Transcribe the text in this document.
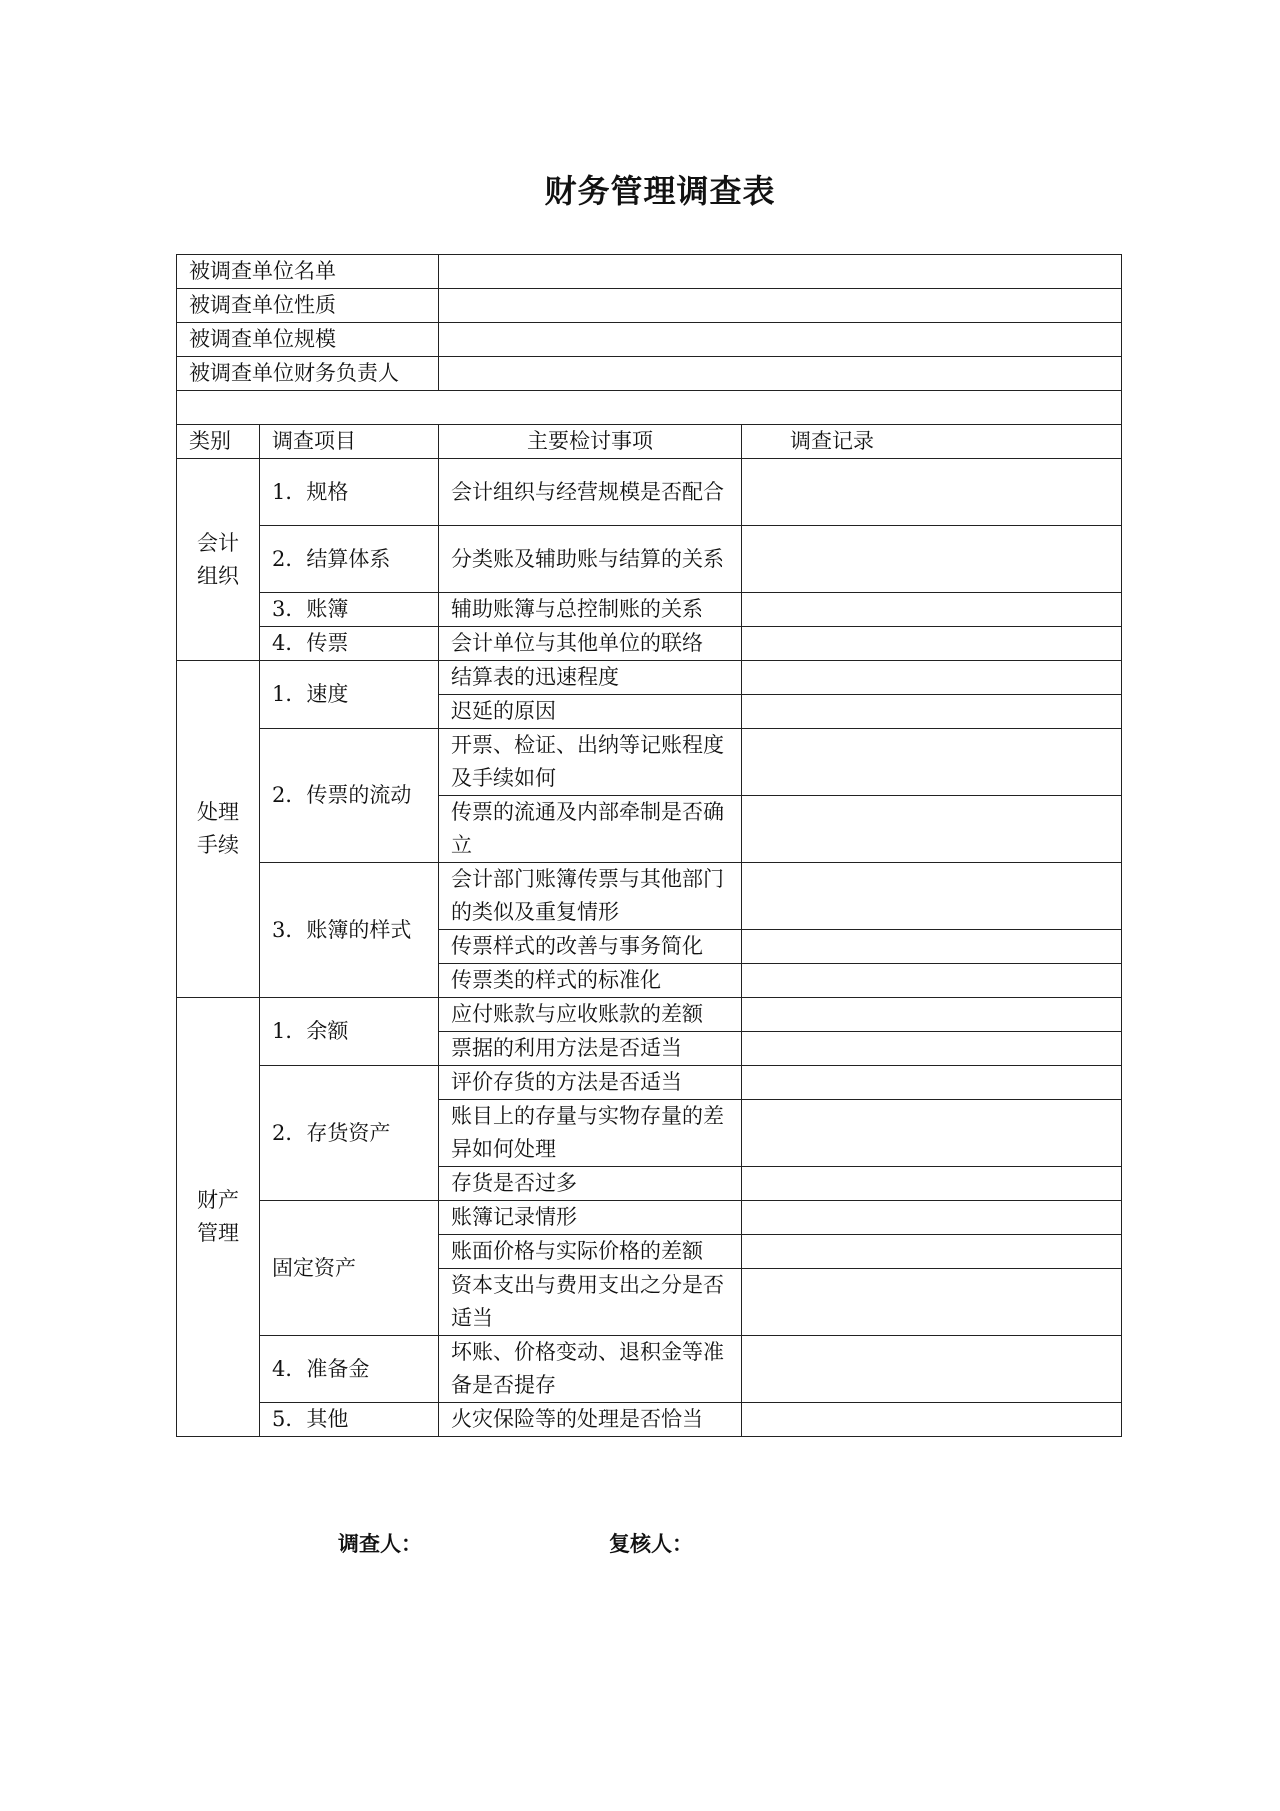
财务管理调查表
被调查单位名单			
被调查单位性质			
被调查单位规模			
被调查单位财务负责人			

类别	调查项目	主要检讨事项	调查记录

会计
组织	1．规格	会计组织与经营规模是否配合	
	2．结算体系	分类账及辅助账与结算的关系	
	3．账簿	辅助账簿与总控制账的关系	
	4．传票	会计单位与其他单位的联络	

处理
手续	1．速度	结算表的迅速程度	
		迟延的原因	
	2．传票的流动	开票、检证、出纳等记账程度及手续如何	
		传票的流通及内部牵制是否确立	
	3．账簿的样式	会计部门账簿传票与其他部门的类似及重复情形	
		传票样式的改善与事务简化	
		传票类的样式的标准化	

财产
管理	1．余额	应付账款与应收账款的差额	
		票据的利用方法是否适当	
	2．存货资产	评价存货的方法是否适当	
		账目上的存量与实物存量的差异如何处理	
		存货是否过多	
	固定资产	账簿记录情形	
		账面价格与实际价格的差额	
		资本支出与费用支出之分是否适当	
	4．准备金	坏账、价格变动、退积金等准备是否提存	
	5．其他	火灾保险等的处理是否恰当	
调查人：	复核人：
